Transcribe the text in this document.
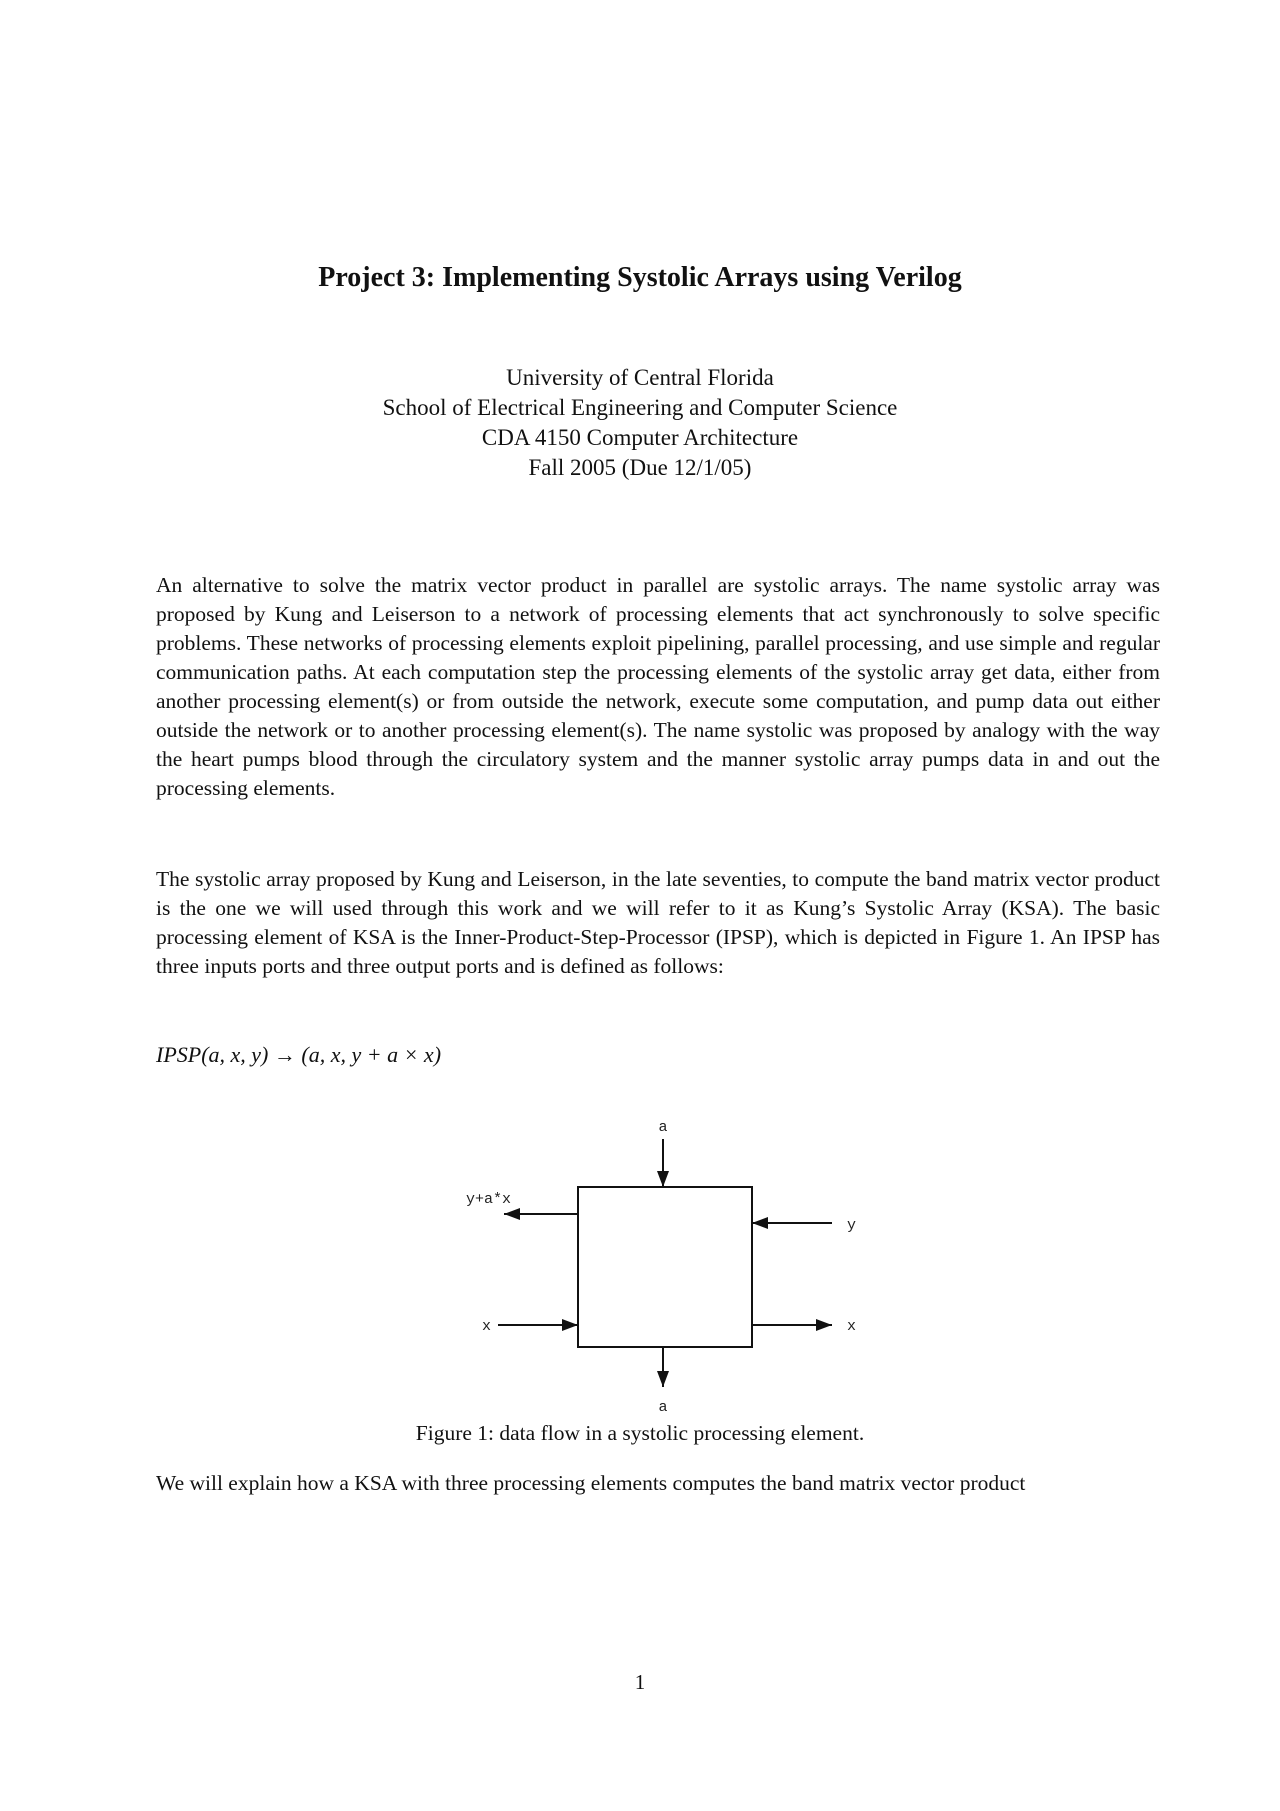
Project 3: Implementing Systolic Arrays using Verilog
University of Central Florida
School of Electrical Engineering and Computer Science
CDA 4150 Computer Architecture
Fall 2005 (Due 12/1/05)

An alternative to solve the matrix vector product in parallel are systolic arrays. The name systolic array was proposed by Kung and Leiserson to a network of processing elements that act synchronously to solve specific problems. These networks of processing elements exploit pipelining, parallel processing, and use simple and regular communication paths. At each computation step the processing elements of the systolic array get data, either from another processing element(s) or from outside the network, execute some computation, and pump data out either outside the network or to another processing element(s). The name systolic was proposed by analogy with the way the heart pumps blood through the circulatory system and the manner systolic array pumps data in and out the processing elements.

The systolic array proposed by Kung and Leiserson, in the late seventies, to compute the band matrix vector product is the one we will used through this work and we will refer to it as Kung’s Systolic Array (KSA). The basic processing element of KSA is the Inner-Product-Step-Processor (IPSP), which is depicted in Figure 1. An IPSP has three inputs ports and three output ports and is defined as follows:

IPSP(a, x, y) → (a, x, y + a × x)
a
a
y+a*x
y
x	x
Figure 1: data flow in a systolic processing element.

We will explain how a KSA with three processing elements computes the band matrix vector product

1
